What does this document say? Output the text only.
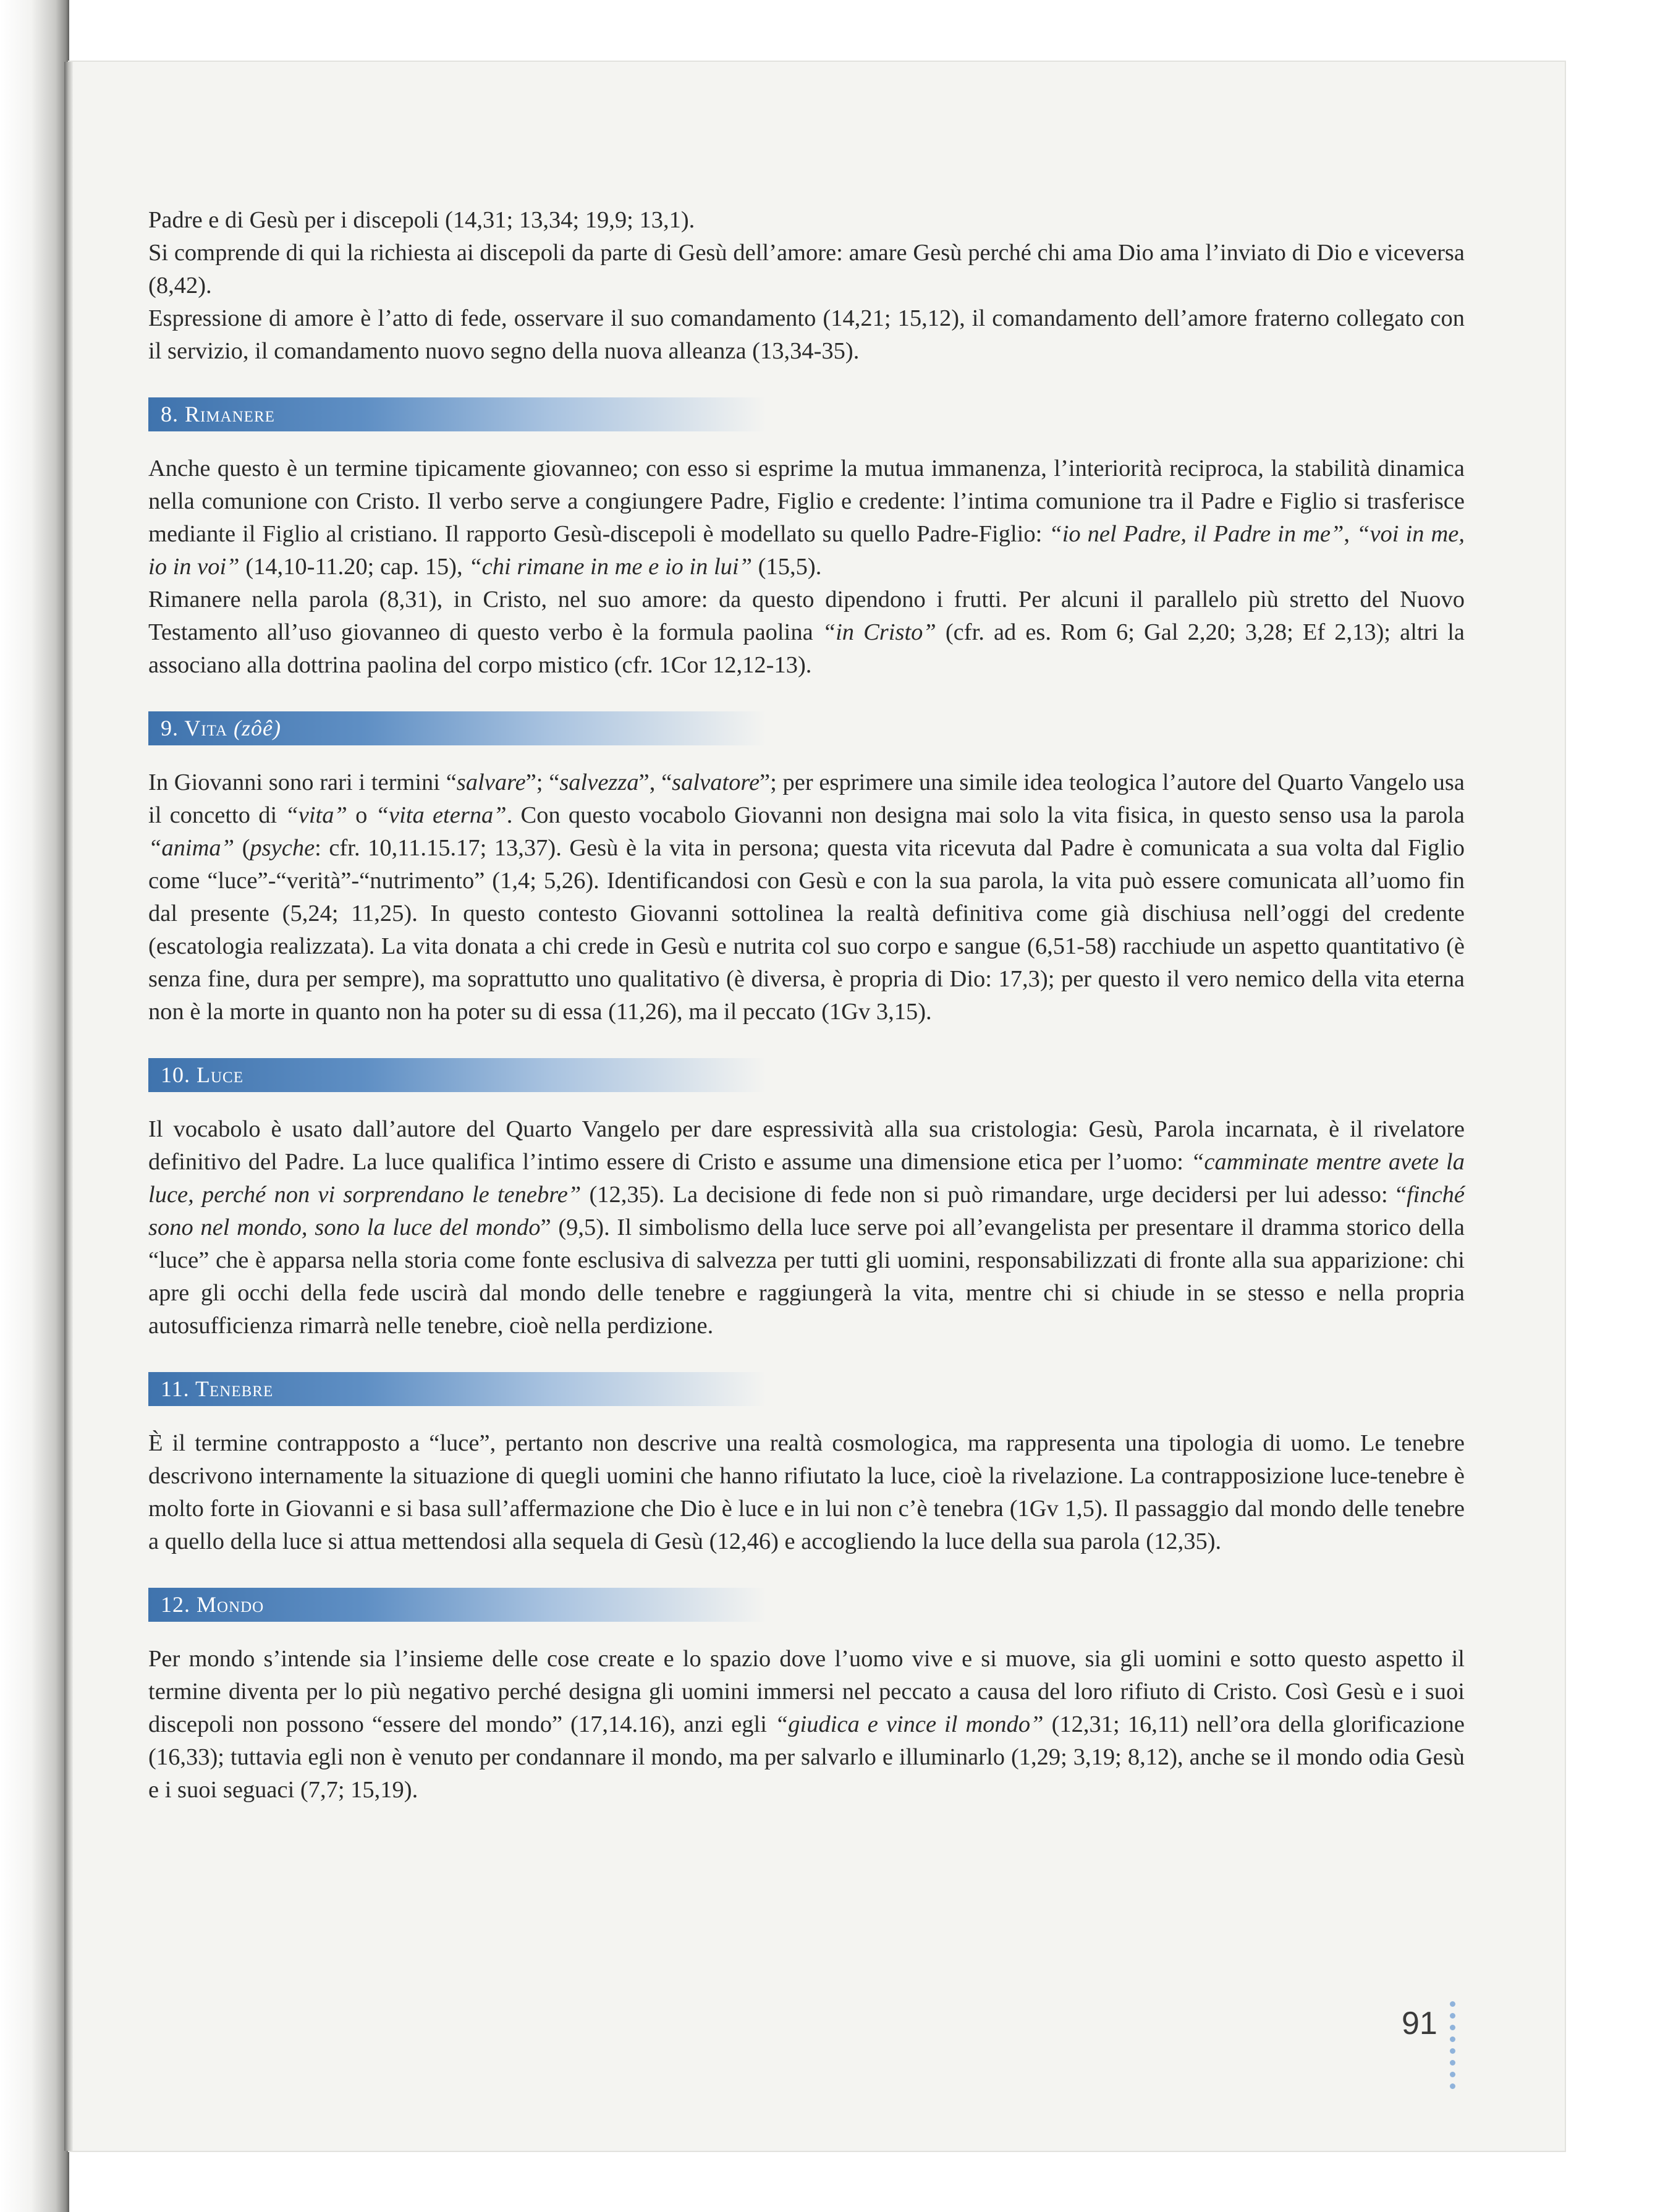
Padre e di Gesù per i discepoli (14,31; 13,34; 19,9; 13,1).

Si comprende di qui la richiesta ai discepoli da parte di Gesù dell’amore: amare Gesù perché chi ama Dio ama l’inviato di Dio e viceversa (8,42).

Espressione di amore è l’atto di fede, osservare il suo comandamento (14,21; 15,12), il comandamento dell’amore fraterno collegato con il servizio, il comandamento nuovo segno della nuova alleanza (13,34-35).

8. Rimanere

Anche questo è un termine tipicamente giovanneo; con esso si esprime la mutua immanenza, l’interiorità reciproca, la stabilità dinamica nella comunione con Cristo. Il verbo serve a congiungere Padre, Figlio e credente: l’intima comunione tra il Padre e Figlio si trasferisce mediante il Figlio al cristiano. Il rapporto Gesù-discepoli è modellato su quello Padre-Figlio: “io nel Padre, il Padre in me”, “voi in me, io in voi” (14,10-11.20; cap. 15), “chi rimane in me e io in lui” (15,5).

Rimanere nella parola (8,31), in Cristo, nel suo amore: da questo dipendono i frutti. Per alcuni il parallelo più stretto del Nuovo Testamento all’uso giovanneo di questo verbo è la formula paolina “in Cristo” (cfr. ad es. Rom 6; Gal 2,20; 3,28; Ef 2,13); altri la associano alla dottrina paolina del corpo mistico (cfr. 1Cor 12,12-13).

9. Vita (zôê)

In Giovanni sono rari i termini “salvare”; “salvezza”, “salvatore”; per esprimere una simile idea teologica l’autore del Quarto Vangelo usa il concetto di “vita” o “vita eterna”. Con questo vocabolo Giovanni non designa mai solo la vita fisica, in questo senso usa la parola “anima” (psyche: cfr. 10,11.15.17; 13,37). Gesù è la vita in persona; questa vita ricevuta dal Padre è comunicata a sua volta dal Figlio come “luce”-“verità”-“nutrimento” (1,4; 5,26). Identificandosi con Gesù e con la sua parola, la vita può essere comunicata all’uomo fin dal presente (5,24; 11,25). In questo contesto Giovanni sottolinea la realtà definitiva come già dischiusa nell’oggi del credente (escatologia realizzata). La vita donata a chi crede in Gesù e nutrita col suo corpo e sangue (6,51-58) racchiude un aspetto quantitativo (è senza fine, dura per sempre), ma soprattutto uno qualitativo (è diversa, è propria di Dio: 17,3); per questo il vero nemico della vita eterna non è la morte in quanto non ha poter su di essa (11,26), ma il peccato (1Gv 3,15).

10. Luce

Il vocabolo è usato dall’autore del Quarto Vangelo per dare espressività alla sua cristologia: Gesù, Parola incarnata, è il rivelatore definitivo del Padre. La luce qualifica l’intimo essere di Cristo e assume una dimensione etica per l’uomo: “camminate mentre avete la luce, perché non vi sorprendano le tenebre” (12,35). La decisione di fede non si può rimandare, urge decidersi per lui adesso: “finché sono nel mondo, sono la luce del mondo” (9,5). Il simbolismo della luce serve poi all’evangelista per presentare il dramma storico della “luce” che è apparsa nella storia come fonte esclusiva di salvezza per tutti gli uomini, responsabilizzati di fronte alla sua apparizione: chi apre gli occhi della fede uscirà dal mondo delle tenebre e raggiungerà la vita, mentre chi si chiude in se stesso e nella propria autosufficienza rimarrà nelle tenebre, cioè nella perdizione.

11. Tenebre

È il termine contrapposto a “luce”, pertanto non descrive una realtà cosmologica, ma rappresenta una tipologia di uomo. Le tenebre descrivono internamente la situazione di quegli uomini che hanno rifiutato la luce, cioè la rivelazione. La contrapposizione luce-tenebre è molto forte in Giovanni e si basa sull’affermazione che Dio è luce e in lui non c’è tenebra (1Gv 1,5). Il passaggio dal mondo delle tenebre a quello della luce si attua mettendosi alla sequela di Gesù (12,46) e accogliendo la luce della sua parola (12,35).

12. Mondo

Per mondo s’intende sia l’insieme delle cose create e lo spazio dove l’uomo vive e si muove, sia gli uomini e sotto questo aspetto il termine diventa per lo più negativo perché designa gli uomini immersi nel peccato a causa del loro rifiuto di Cristo. Così Gesù e i suoi discepoli non possono “essere del mondo” (17,14.16), anzi egli “giudica e vince il mondo” (12,31; 16,11) nell’ora della glorificazione (16,33); tuttavia egli non è venuto per condannare il mondo, ma per salvarlo e illuminarlo (1,29; 3,19; 8,12), anche se il mondo odia Gesù e i suoi seguaci (7,7; 15,19).

91
